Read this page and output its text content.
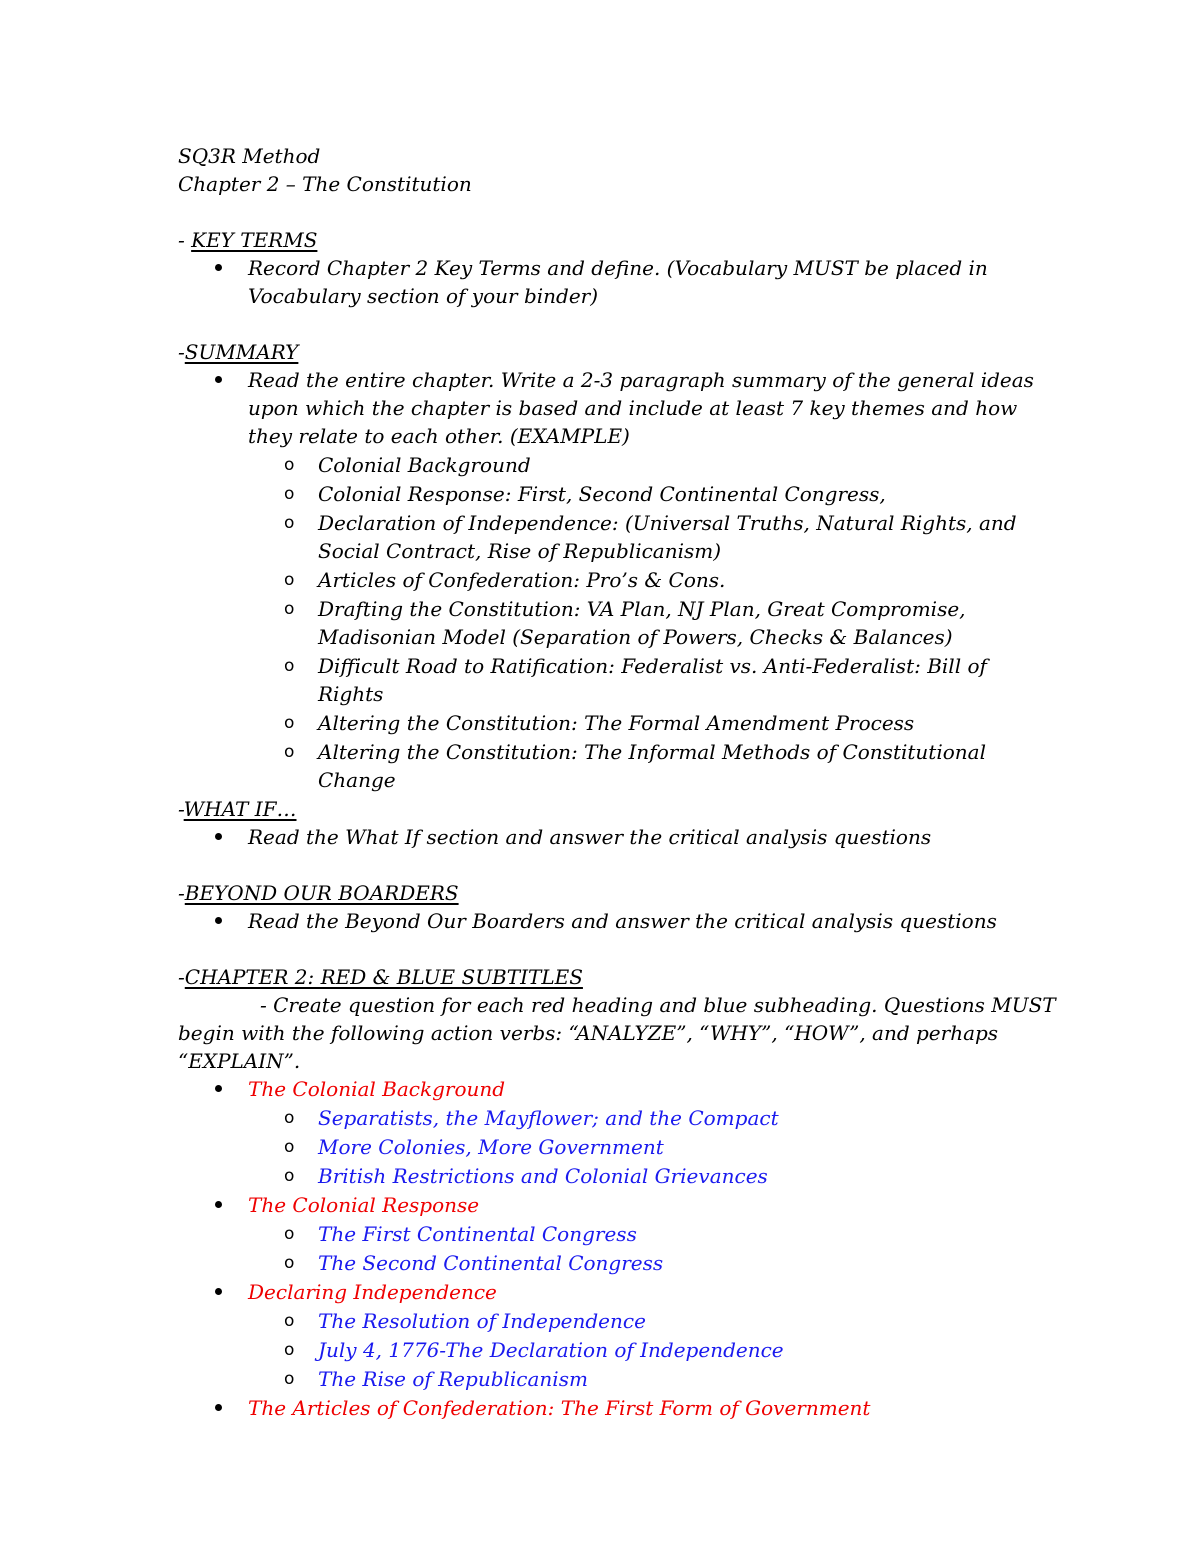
SQ3R Method
Chapter 2 – The Constitution
- KEY TERMS
Record Chapter 2 Key Terms and define. (Vocabulary MUST be placed in Vocabulary section of your binder)
-SUMMARY
Read the entire chapter. Write a 2-3 paragraph summary of the general ideas upon which the chapter is based and include at least 7 key themes and how they relate to each other. (EXAMPLE)
o Colonial Background
o Colonial Response: First, Second Continental Congress,
o Declaration of Independence: (Universal Truths, Natural Rights, and Social Contract, Rise of Republicanism)
o Articles of Confederation: Pro’s & Cons.
o Drafting the Constitution: VA Plan, NJ Plan, Great Compromise, Madisonian Model (Separation of Powers, Checks & Balances)
o Difficult Road to Ratification: Federalist vs. Anti-Federalist: Bill of Rights
o Altering the Constitution: The Formal Amendment Process
o Altering the Constitution: The Informal Methods of Constitutional Change
-WHAT IF…
Read the What If section and answer the critical analysis questions
-BEYOND OUR BOARDERS
Read the Beyond Our Boarders and answer the critical analysis questions
-CHAPTER 2: RED & BLUE SUBTITLES
- Create question for each red heading and blue subheading. Questions MUST
begin with the following action verbs: “ANALYZE”, “WHY”, “HOW”, and perhaps
“EXPLAIN”.
The Colonial Background
o Separatists, the Mayflower; and the Compact
o More Colonies, More Government
o British Restrictions and Colonial Grievances
The Colonial Response
o The First Continental Congress
o The Second Continental Congress
Declaring Independence
o The Resolution of Independence
o July 4, 1776-The Declaration of Independence
o The Rise of Republicanism
The Articles of Confederation: The First Form of Government
